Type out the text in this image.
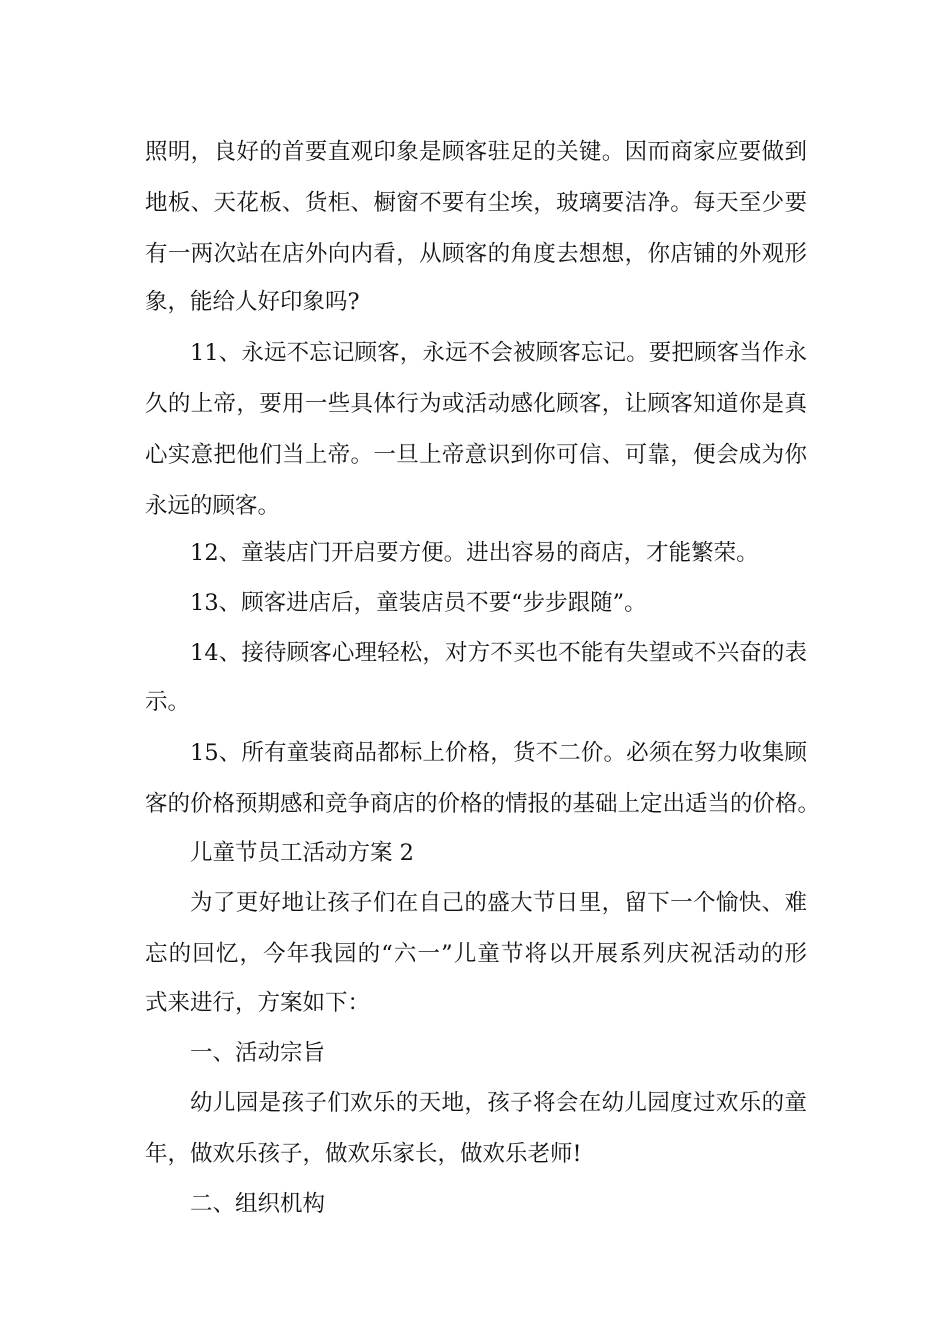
照明，良好的首要直观印象是顾客驻足的关键。因而商家应要做到
地板、天花板、货柜、橱窗不要有尘埃，玻璃要洁净。每天至少要
有一两次站在店外向内看，从顾客的角度去想想，你店铺的外观形
象，能给人好印象吗?
11、永远不忘记顾客，永远不会被顾客忘记。要把顾客当作永
久的上帝，要用一些具体行为或活动感化顾客，让顾客知道你是真
心实意把他们当上帝。一旦上帝意识到你可信、可靠，便会成为你
永远的顾客。
12、童装店门开启要方便。进出容易的商店，才能繁荣。
13、顾客进店后，童装店员不要“步步跟随”。
14、接待顾客心理轻松，对方不买也不能有失望或不兴奋的表
示。
15、所有童装商品都标上价格，货不二价。必须在努力收集顾
客的价格预期感和竞争商店的价格的情报的基础上定出适当的价格。
儿童节员工活动方案 2
为了更好地让孩子们在自己的盛大节日里，留下一个愉快、难
忘的回忆，今年我园的“六一”儿童节将以开展系列庆祝活动的形
式来进行，方案如下：
一、活动宗旨
幼儿园是孩子们欢乐的天地，孩子将会在幼儿园度过欢乐的童
年，做欢乐孩子，做欢乐家长，做欢乐老师!
二、组织机构
